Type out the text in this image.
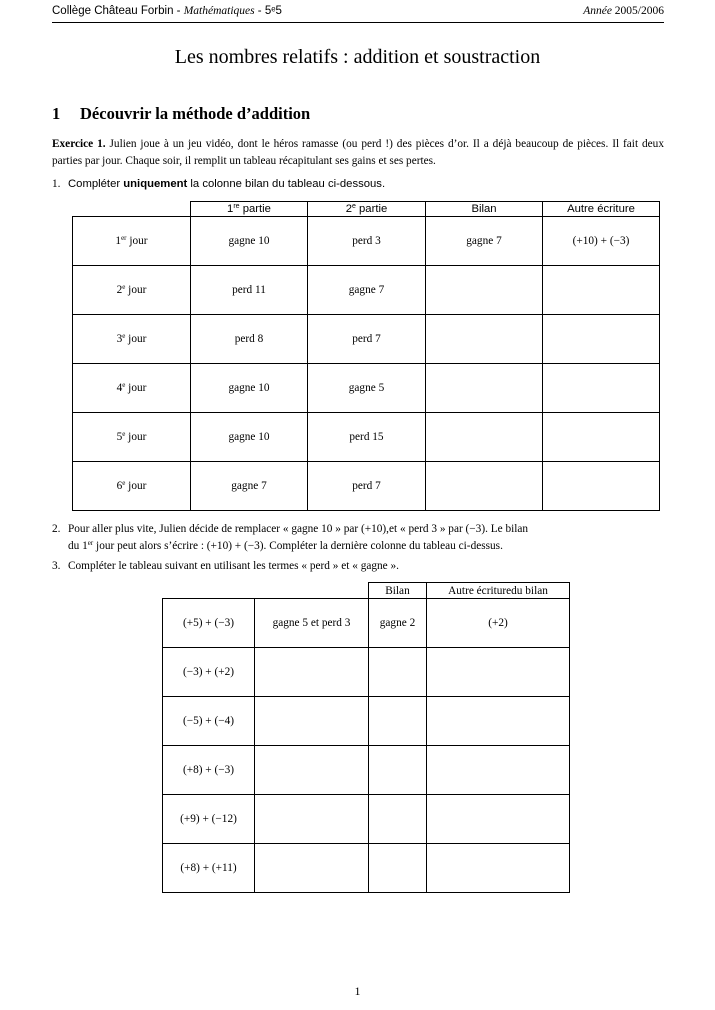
Collège Château Forbin - Mathématiques - 5ᵉ5	Année 2005/2006
Les nombres relatifs : addition et soustraction
1 Découvrir la méthode d’addition
Exercice 1. Julien joue à un jeu vidéo, dont le héros ramasse (ou perd !) des pièces d’or. Il a déjà beaucoup de pièces. Il fait deux parties par jour. Chaque soir, il remplit un tableau récapitulant ses gains et ses pertes.
1. Compléter uniquement la colonne bilan du tableau ci-dessous.
	1re partie	2e partie	Bilan	Autre écriture
1er jour	gagne 10	perd 3	gagne 7	(+10) + (−3)
2e jour	perd 11	gagne 7		
3e jour	perd 8	perd 7		
4e jour	gagne 10	gagne 5		
5e jour	gagne 10	perd 15		
6e jour	gagne 7	perd 7		
2. Pour aller plus vite, Julien décide de remplacer « gagne 10 » par (+10),et « perd 3 » par (−3). Le bilan
du 1er jour peut alors s’écrire : (+10) + (−3). Compléter la dernière colonne du tableau ci-dessus.
3. Compléter le tableau suivant en utilisant les termes « perd » et « gagne ».
		Bilan	Autre écrituredu bilan
(+5) + (−3)	gagne 5 et perd 3	gagne 2	(+2)
(−3) + (+2)			
(−5) + (−4)			
(+8) + (−3)			
(+9) + (−12)			
(+8) + (+11)			
1
